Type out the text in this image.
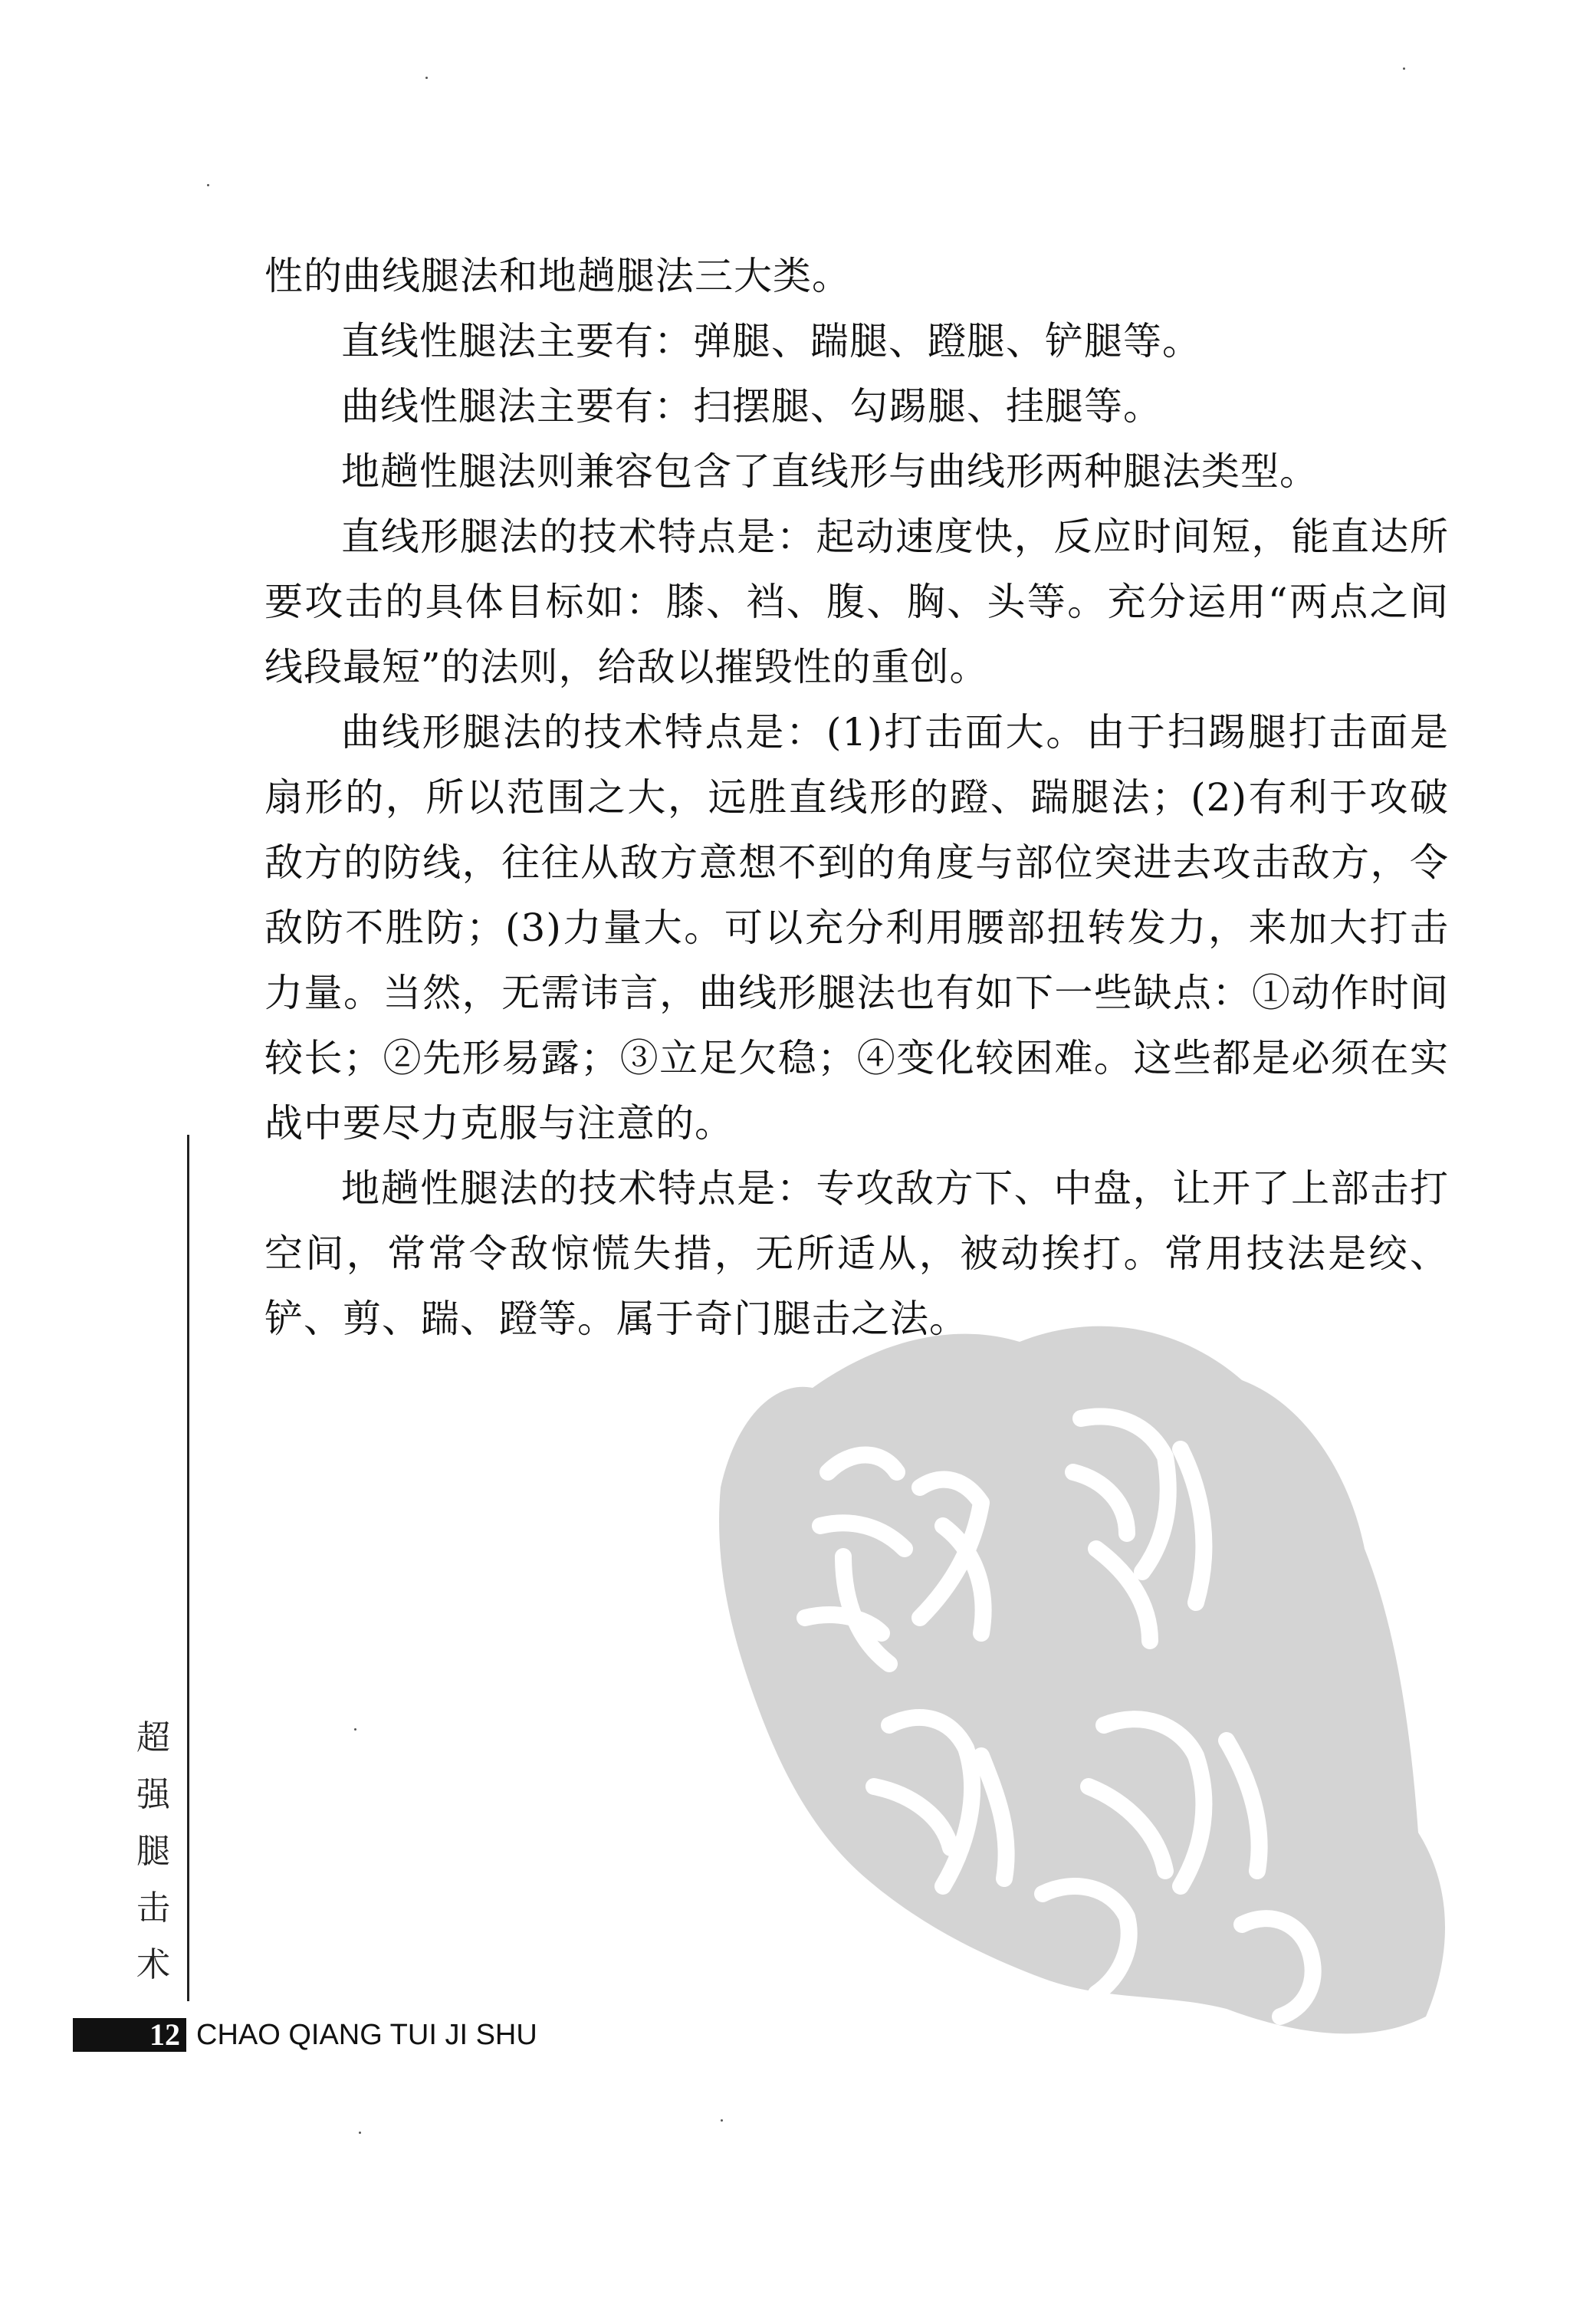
性的曲线腿法和地趟腿法三大类。

直线性腿法主要有：弹腿、踹腿、蹬腿、铲腿等。

曲线性腿法主要有：扫摆腿、勾踢腿、挂腿等。

地趟性腿法则兼容包含了直线形与曲线形两种腿法类型。

直线形腿法的技术特点是：起动速度快，反应时间短，能直达所要攻击的具体目标如：膝、裆、腹、胸、头等。充分运用“两点之间线段最短”的法则，给敌以摧毁性的重创。

曲线形腿法的技术特点是：(1)打击面大。由于扫踢腿打击面是扇形的，所以范围之大，远胜直线形的蹬、踹腿法；(2)有利于攻破敌方的防线，往往从敌方意想不到的角度与部位突进去攻击敌方，令敌防不胜防；(3)力量大。可以充分利用腰部扭转发力，来加大打击力量。当然，无需讳言，曲线形腿法也有如下一些缺点：①动作时间较长；②先形易露；③立足欠稳；④变化较困难。这些都是必须在实战中要尽力克服与注意的。

地趟性腿法的技术特点是：专攻敌方下、中盘，让开了上部击打空间，常常令敌惊慌失措，无所适从，被动挨打。常用技法是绞、铲、剪、踹、蹬等。属于奇门腿击之法。

超
强
腿
击
术
12 CHAO QIANG TUI JI SHU
